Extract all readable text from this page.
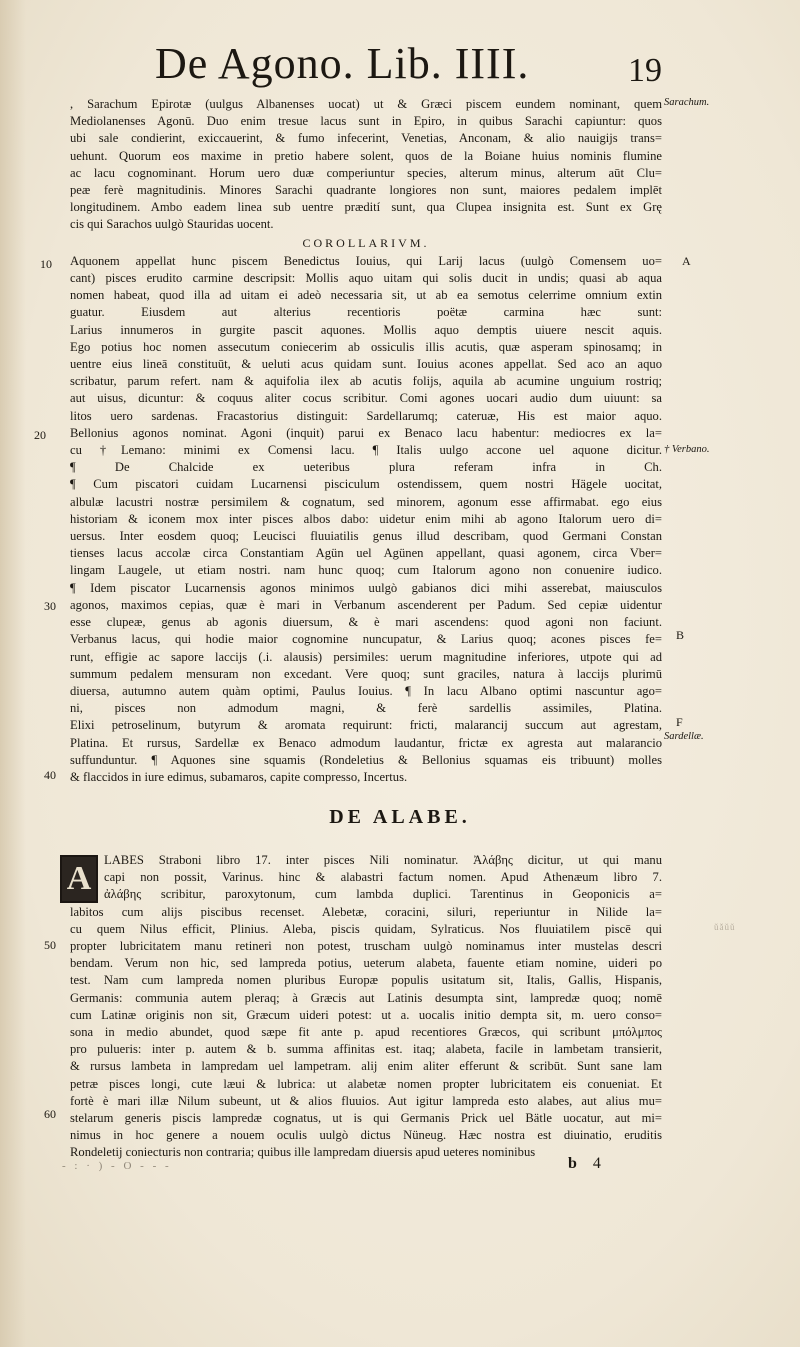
De Agono. Lib. IIII.	19
, Sarachum Epirotæ (uulgus Albanenses uocat) ut & Græci piscem eundem nominant, quem
Mediolanenses Agonū. Duo enim tresue lacus sunt in Epiro, in quibus Sarachi capiuntur: quos
ubi sale condierint, exiccauerint, & fumo infecerint, Venetias, Anconam, & alio nauigijs trans=
uehunt. Quorum eos maxime in pretio habere solent, quos de la Boiane huius nominis flumine
ac lacu cognominant. Horum uero duæ comperiuntur species, alterum minus, alterum aūt Clu=
peæ ferè magnitudinis. Minores Sarachi quadrante longiores non sunt, maiores pedalem implēt
longitudinem. Ambo eadem linea sub uentre prædití sunt, qua Clupea insignita est. Sunt ex Grę
cis qui Sarachos uulgò Stauridas uocent.
COROLLARIVM.
Aquonem appellat hunc piscem Benedictus Iouius, qui Larij lacus (uulgò Comensem uo=
cant) pisces erudito carmine descripsit: Mollis aquo uitam qui solis ducit in undis; quasi ab aqua
nomen habeat, quod illa ad uitam ei adeò necessaria sit, ut ab ea semotus celerrime omnium extin
guatur. Eiusdem aut alterius recentioris poëtæ carmina hæc sunt:
Larius innumeros in gurgite pascit aquones. Mollis aquo demptis uiuere nescit aquis.
Ego potius hoc nomen assecutum coniecerim ab ossiculis illis acutis, quæ asperam spinosamq; in
uentre eius lineā constituūt, & ueluti acus quidam sunt. Iouius acones appellat. Sed aco an aquo
scribatur, parum refert. nam & aquifolia ilex ab acutis folijs, aquila ab acumine unguium rostriq;
aut uisus, dicuntur: & coquus aliter cocus scribitur. Comi agones uocari audio dum uiuunt: sa
litos uero sardenas. Fracastorius distinguit: Sardellarumq; cateruæ, His est maior aquo.
Bellonius agonos nominat. Agoni (inquit) parui ex Benaco lacu habentur: mediocres ex la=
cu †Lemano: minimi ex Comensi lacu. ¶ Italis uulgo accone uel aquone dicitur.
¶ De Chalcide ex ueteribus plura referam infra in Ch.
¶ Cum piscatori cuidam Lucarnensi pisciculum ostendissem, quem nostri Hägele uocitat,
albulæ lacustri nostræ persimilem & cognatum, sed minorem, agonum esse affirmabat. ego eius
historiam & iconem mox inter pisces albos dabo: uidetur enim mihi ab agono Italorum uero di=
uersus. Inter eosdem quoq; Leucisci fluuiatilis genus illud describam, quod Germani Constan
tienses lacus accolæ circa Constantiam Agün uel Agünen appellant, quasi agonem, circa Vber=
lingam Laugele, ut etiam nostri. nam hunc quoq; cum Italorum agono non conuenire iudico.
¶ Idem piscator Lucarnensis agonos minimos uulgò gabianos dici mihi asserebat, maiusculos
agonos, maximos cepias, quæ è mari in Verbanum ascenderent per Padum. Sed cepiæ uidentur
esse clupeæ, genus ab agonis diuersum, & è mari ascendens: quod agoni non faciunt.
Verbanus lacus, qui hodie maior cognomine nuncupatur, & Larius quoq; acones pisces fe=
runt, effigie ac sapore laccijs (.i. alausis) persimiles: uerum magnitudine inferiores, utpote qui ad
summum pedalem mensuram non excedant. Vere quoq; sunt graciles, natura à laccijs plurimū
diuersa, autumno autem quàm optimi, Paulus Iouius. ¶ In lacu Albano optimi nascuntur ago=
ni, pisces non admodum magni, & ferè sardellis assimiles, Platina.
Elixi petroselinum, butyrum & aromata requirunt: fricti, malarancij succum aut agrestam,
Platina. Et rursus, Sardellæ ex Benaco admodum laudantur, frictæ ex agresta aut malarancio
suffunduntur. ¶ Aquones sine squamis (Rondeletius & Bellonius squamas eis tribuunt) molles
& flaccidos in iure edimus, subamaros, capite compresso, Incertus.
Sarachum.
A
† Verbano.
B
F
Sardellæ.
10
20
30
40
50
60
DE ALABE.
A
LABES Straboni libro 17. inter pisces Nili nominatur. Ἀλάβης dicitur, ut qui manu
capi non possit, Varinus. hinc & alabastri factum nomen. Apud Athenæum libro 7.
ἀλάβης scribitur, paroxytonum, cum lambda duplici. Tarentinus in Geoponicis a=
labitos cum alijs piscibus recenset. Alebetæ, coracini, siluri, reperiuntur in Nilide la=
cu quem Nilus efficit, Plinius. Aleba, piscis quidam, Sylraticus. Nos fluuiatilem piscē qui
propter lubricitatem manu retineri non potest, truscham uulgò nominamus inter mustelas descri
bendam. Verum non hic, sed lampreda potius, ueterum alabeta, fauente etiam nomine, uideri po
test. Nam cum lampreda nomen pluribus Europæ populis usitatum sit, Italis, Gallis, Hispanis,
Germanis: communia autem pleraq; à Græcis aut Latinis desumpta sint, lampredæ quoq; nomē
cum Latinæ originis non sit, Græcum uideri potest: ut a. uocalis initio dempta sit, m. uero conso=
sona in medio abundet, quod sæpe fit ante p. apud recentiores Græcos, qui scribunt μπόλμπος
pro pulueris: inter p. autem & b. summa affinitas est. itaq; alabeta, facile in lambetam transierit,
& rursus lambeta in lampredam uel lampetram. alij enim aliter efferunt & scribūt. Sunt sane lam
petræ pisces longi, cute læui & lubrica: ut alabetæ nomen propter lubricitatem eis conueniat. Et
fortè è mari illæ Nilum subeunt, ut & alios fluuios. Aut igitur lampreda esto alabes, aut alius mu=
stelarum generis piscis lampredæ cognatus, ut is qui Germanis Prick uel Bätle uocatur, aut mi=
nimus in hoc genere a nouem oculis uulgò dictus Nüneug. Hæc nostra est diuinatio, eruditis
Rondeletij coniecturis non contraria; quibus ille lampredam diuersis apud ueteres nominibus
b 4
‑ : · ) ‑ O ‑ ‑ ‑
ǔǎǔǔ
